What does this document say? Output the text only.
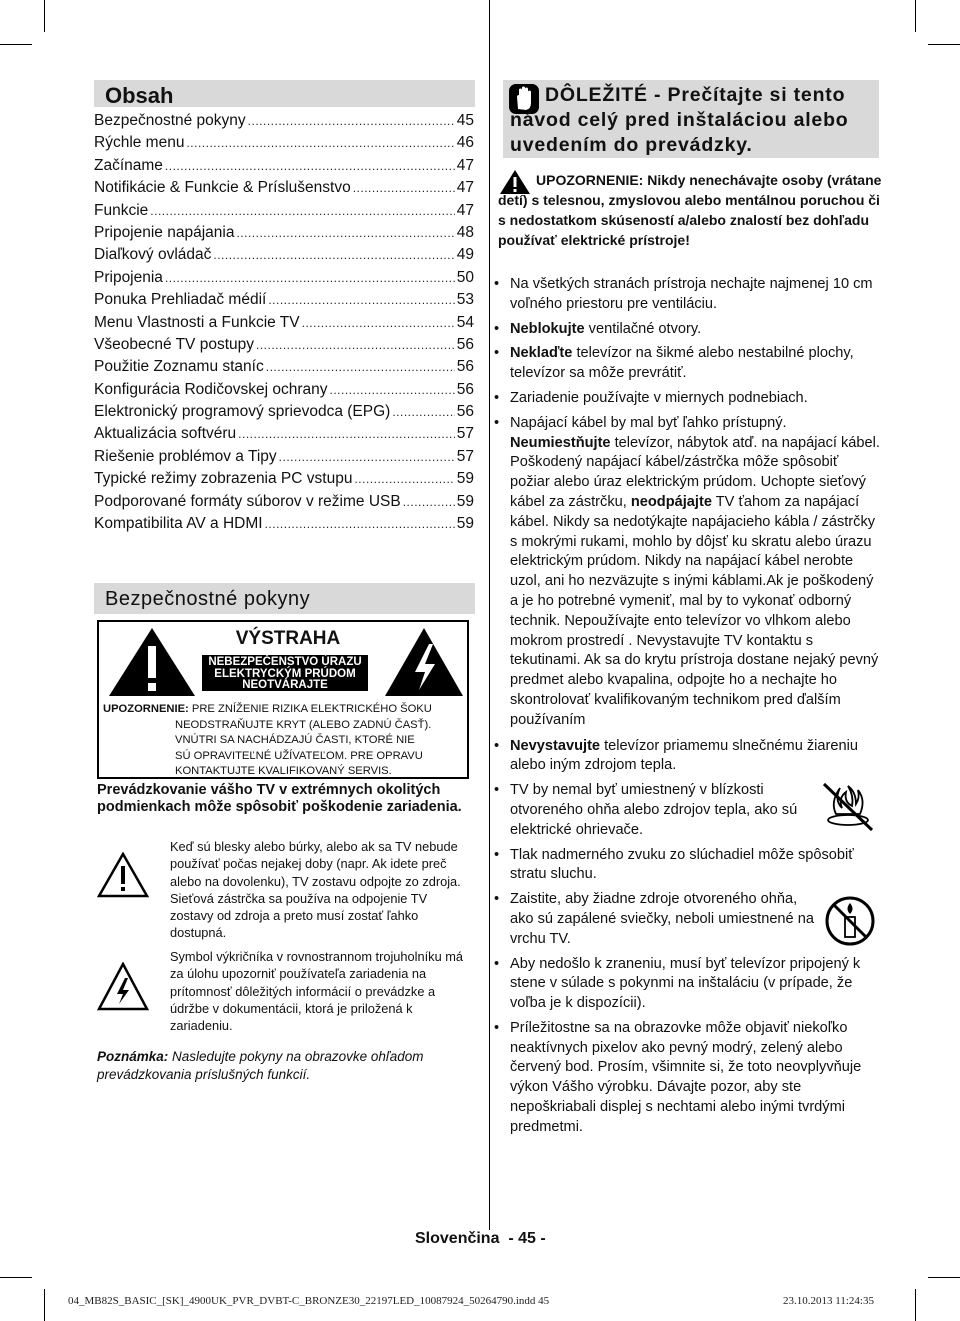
Obsah
Bezpečnostné pokyny .....	45
Rýchle menu .....	46
Začíname .....	47
Notifikácie & Funkcie & Príslušenstvo .....	47
Funkcie .....	47
Pripojenie napájania .....	48
Diaľkový ovládač .....	49
Pripojenia .....	50
Ponuka Prehliadač médií .....	53
Menu Vlastnosti a Funkcie TV .....	54
Všeobecné TV postupy .....	56
Použitie Zoznamu staníc .....	56
Konfigurácia Rodičovskej ochrany .....	56
Elektronický programový sprievodca (EPG) .....	56
Aktualizácia softvéru .....	57
Riešenie problémov a Tipy .....	57
Typické režimy zobrazenia PC vstupu .....	59
Podporované formáty súborov v režime USB .....	59
Kompatibilita AV a HDMI .....	59
Bezpečnostné pokyny
VÝSTRAHA
NEBEZPEČENSTVO ÚRAZU
ELEKTRYCKÝM PRÚDOM
NEOTVÁRAJTE
UPOZORNENIE: PRE ZNÍŽENIE RIZIKA ELEKTRICKÉHO ŠOKU
NEODSTRAŇUJTE KRYT (ALEBO ZADNÚ ČASŤ).
VNÚTRI SA NACHÁDZAJÚ ČASTI, KTORÉ NIE
SÚ OPRAVITEĽNÉ UŽÍVATEĽOM. PRE OPRAVU
KONTAKTUJTE KVALIFIKOVANÝ SERVIS.
Prevádzkovanie vášho TV v extrémnych okolitých podmienkach môže spôsobiť poškodenie zariadenia.
Keď sú blesky alebo búrky, alebo ak sa TV nebude používať počas nejakej doby (napr. Ak idete preč alebo na dovolenku), TV zostavu odpojte zo zdroja. Sieťová zástrčka sa používa na odpojenie TV zostavy od zdroja a preto musí zostať ľahko dostupná.
Symbol výkričníka v rovnostrannom trojuholníku má za úlohu upozorniť používateľa zariadenia na prítomnosť dôležitých informácií o prevádzke a údržbe v dokumentácii, ktorá je priložená k zariadeniu.
Poznámka: Nasledujte pokyny na obrazovke ohľadom prevádzkovania príslušných funkcií.
DÔLEŽITÉ - Prečítajte si tento
návod celý pred inštaláciou alebo uvedením do prevádzky.
UPOZORNENIE: Nikdy nenechávajte osoby (vrátane detí) s telesnou, zmyslovou alebo mentálnou poruchou či s nedostatkom skúseností a/alebo znalostí bez dohľadu používať elektrické prístroje!
• Na všetkých stranách prístroja nechajte najmenej 10 cm voľného priestoru pre ventiláciu.
• Neblokujte ventilačné otvory.
• Neklaďte televízor na šikmé alebo nestabilné plochy, televízor sa môže prevrátiť.
• Zariadenie používajte v miernych podnebiach.
• Napájací kábel by mal byť ľahko prístupný. Neumiestňujte televízor, nábytok atď. na napájací kábel. Poškodený napájací kábel/zástrčka môže spôsobiť požiar alebo úraz elektrickým prúdom. Uchopte sieťový kábel za zástrčku, neodpájajte TV ťahom za napájací kábel. Nikdy sa nedotýkajte napájacieho kábla / zástrčky s mokrými rukami, mohlo by dôjsť ku skratu alebo úrazu elektrickým prúdom. Nikdy na napájací kábel nerobte uzol, ani ho nezväzujte s inými káblami.Ak je poškodený a je ho potrebné vymeniť, mal by to vykonať odborný technik. Nepoužívajte ento televízor vo vlhkom alebo mokrom prostredí . Nevystavujte TV kontaktu s tekutinami. Ak sa do krytu prístroja dostane nejaký pevný predmet alebo kvapalina, odpojte ho a nechajte ho skontrolovať kvalifikovaným technikom pred ďalším používaním
• Nevystavujte televízor priamemu slnečnému žiareniu alebo iným zdrojom tepla.
• TV by nemal byť umiestnený v blízkosti otvoreného ohňa alebo zdrojov tepla, ako sú elektrické ohrievače.
• Tlak nadmerného zvuku zo slúchadiel môže spôsobiť stratu sluchu.
• Zaistite, aby žiadne zdroje otvoreného ohňa, ako sú zapálené sviečky, neboli umiestnené na vrchu TV.
• Aby nedošlo k zraneniu, musí byť televízor pripojený k stene v súlade s pokynmi na inštaláciu (v prípade, že voľba je k dispozícii).
• Príležitostne sa na obrazovke môže objaviť niekoľko neaktívnych pixelov ako pevný modrý, zelený alebo červený bod. Prosím, všimnite si, že toto neovplyvňuje výkon Vášho výrobku. Dávajte pozor, aby ste nepoškriabali displej s nechtami alebo inými tvrdými predmetmi.
Slovenčina  - 45 -
04_MB82S_BASIC_[SK]_4900UK_PVR_DVBT-C_BRONZE30_22197LED_10087924_50264790.indd 45	23.10.2013 11:24:35
